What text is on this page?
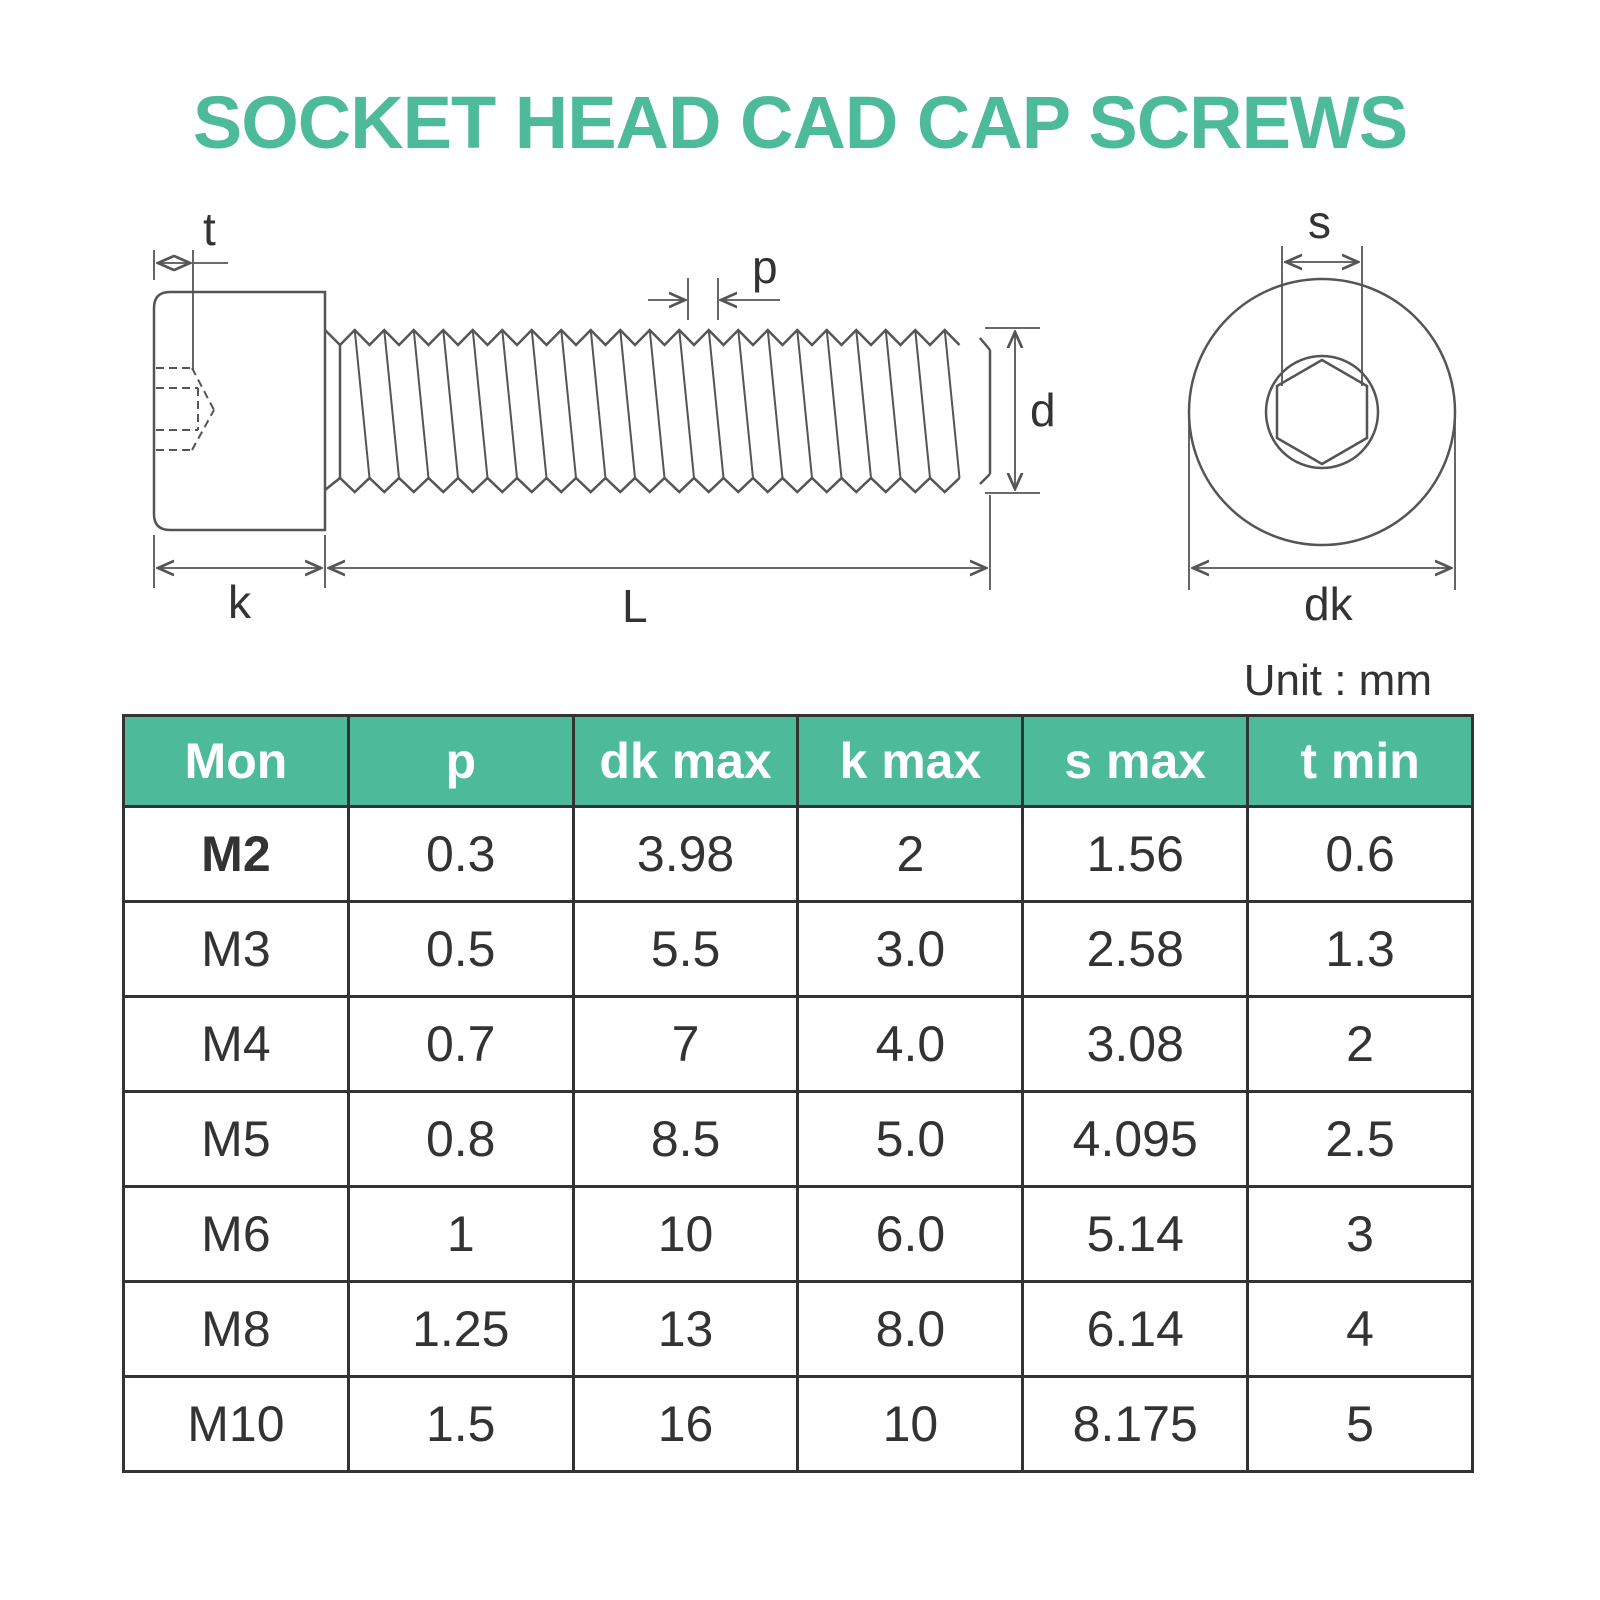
SOCKET HEAD CAD CAP SCREWS
t
p
d
s
k	L	dk
Unit : mm
Mon	p	dk max	k max	s max	t min
M2	0.3	3.98	2	1.56	0.6
M3	0.5	5.5	3.0	2.58	1.3
M4	0.7	7	4.0	3.08	2
M5	0.8	8.5	5.0	4.095	2.5
M6	1	10	6.0	5.14	3
M8	1.25	13	8.0	6.14	4
M10	1.5	16	10	8.175	5
